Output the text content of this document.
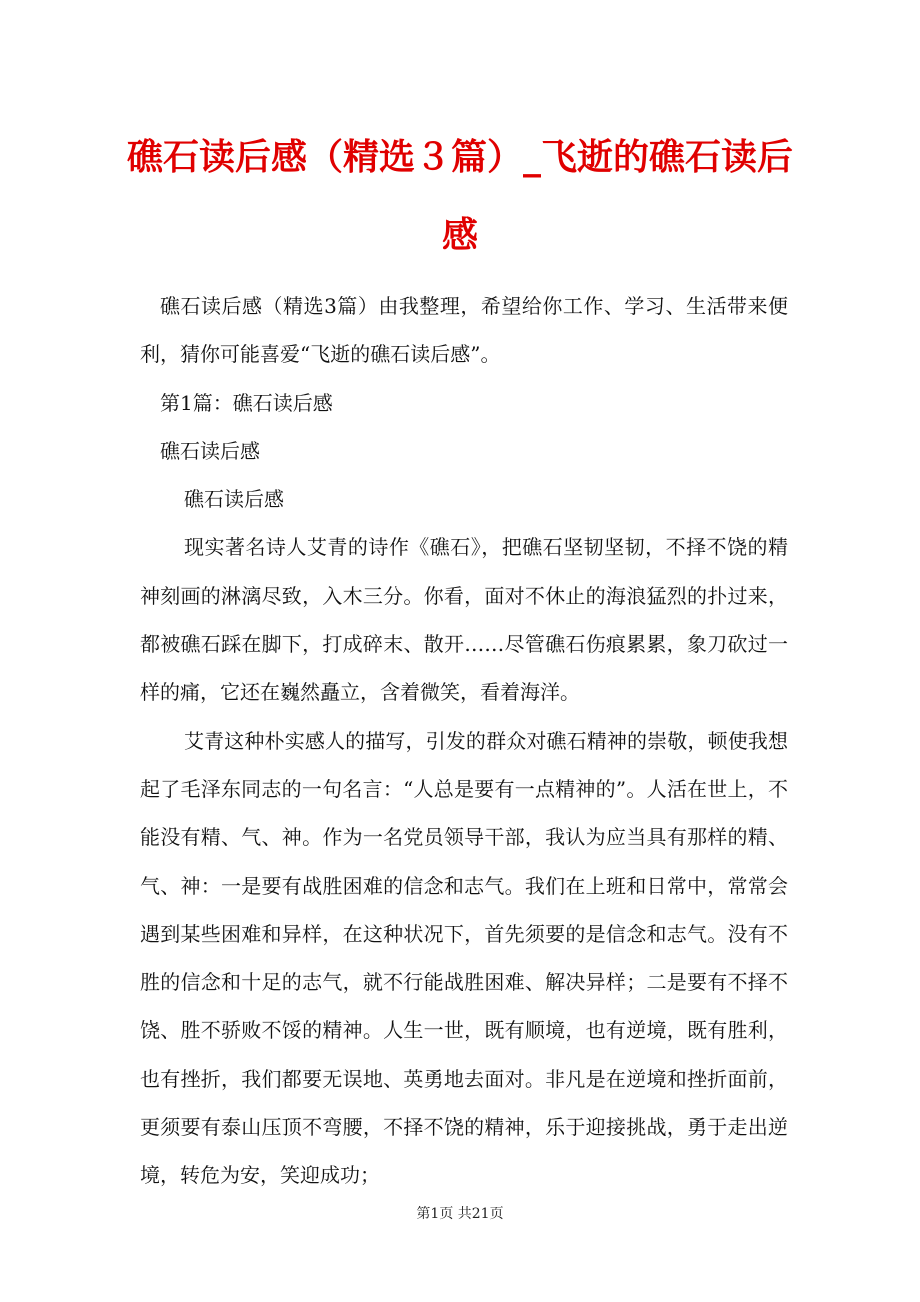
礁石读后感（精选３篇）_飞逝的礁石读后感

礁石读后感（精选3篇）由我整理，希望给你工作、学习、生活带来便利，猜你可能喜爱“飞逝的礁石读后感”。

第1篇：礁石读后感

礁石读后感

礁石读后感

现实著名诗人艾青的诗作《礁石》，把礁石坚韧坚韧，不择不饶的精神刻画的淋漓尽致，入木三分。你看，面对不休止的海浪猛烈的扑过来，都被礁石踩在脚下，打成碎末、散开……尽管礁石伤痕累累，象刀砍过一样的痛，它还在巍然矗立，含着微笑，看着海洋。

艾青这种朴实感人的描写，引发的群众对礁石精神的崇敬，顿使我想起了毛泽东同志的一句名言：“人总是要有一点精神的”。人活在世上，不能没有精、气、神。作为一名党员领导干部，我认为应当具有那样的精、气、神：一是要有战胜困难的信念和志气。我们在上班和日常中，常常会遇到某些困难和异样，在这种状况下，首先须要的是信念和志气。没有不胜的信念和十足的志气，就不行能战胜困难、解决异样；二是要有不择不饶、胜不骄败不馁的精神。人生一世，既有顺境，也有逆境，既有胜利，也有挫折，我们都要无误地、英勇地去面对。非凡是在逆境和挫折面前，更须要有泰山压顶不弯腰，不择不饶的精神，乐于迎接挑战，勇于走出逆境，转危为安，笑迎成功；

第1页 共21页
